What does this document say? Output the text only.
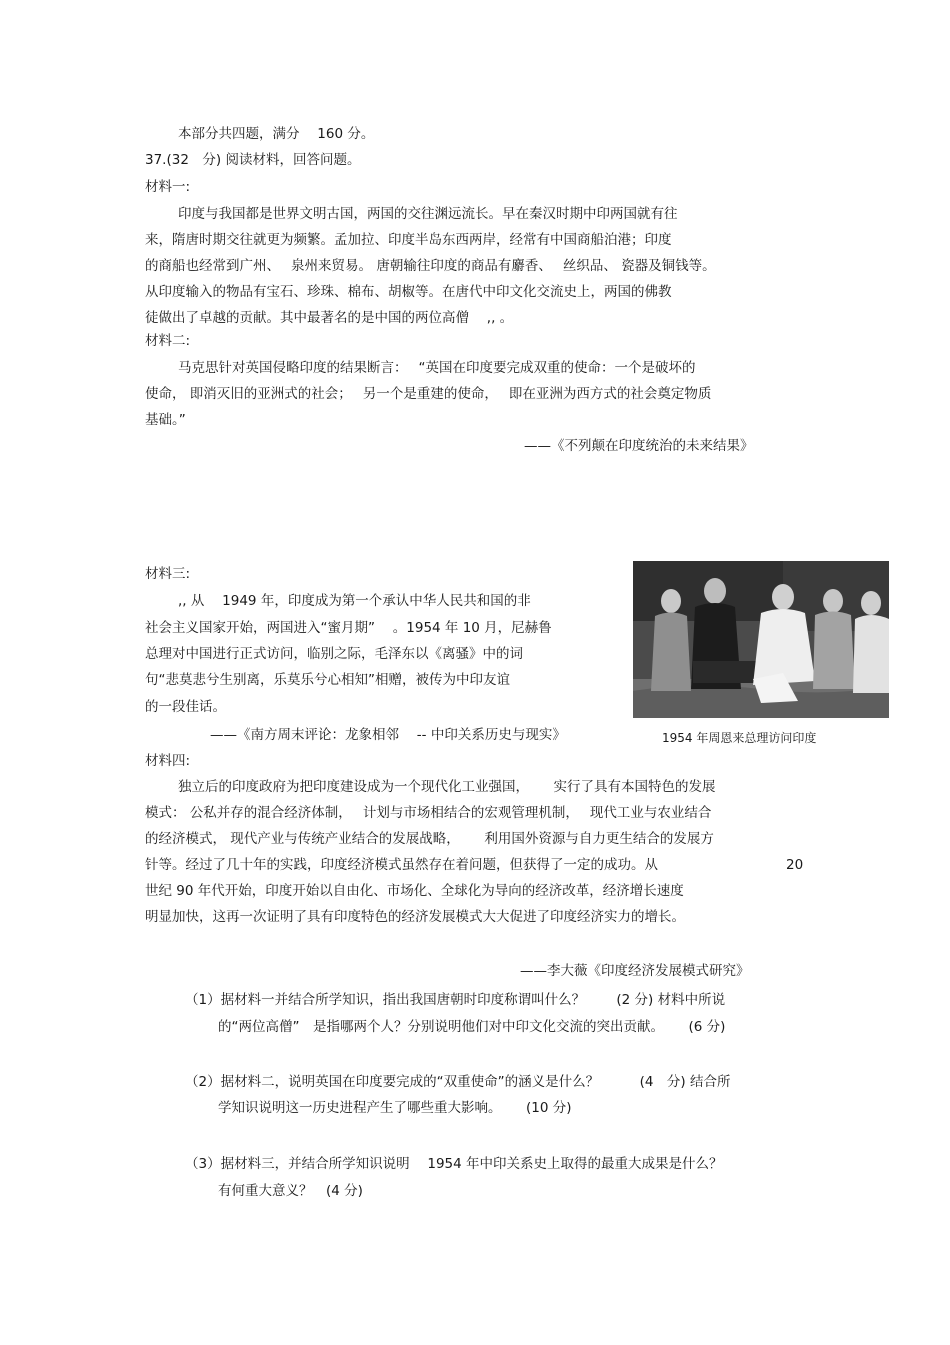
本部分共四题，满分　 160 分。
37.(32　分) 阅读材料，回答问题。
材料一:
印度与我国都是世界文明古国，两国的交往渊远流长。早在秦汉时期中印两国就有往
来，隋唐时期交往就更为频繁。孟加拉、印度半岛东西两岸，经常有中国商船泊港；印度
的商船也经常到广州、　 泉州来贸易。 唐朝输往印度的商品有麝香、　 丝织品、 瓷器及铜钱等。
从印度输入的物品有宝石、珍珠、棉布、胡椒等。在唐代中印文化交流史上，两国的佛教
徒做出了卓越的贡献。其中最著名的是中国的两位高僧　 ,, 。
材料二:
马克思针对英国侵略印度的结果断言：　 “英国在印度要完成双重的使命：一个是破坏的
使命， 即消灭旧的亚洲式的社会；　 另一个是重建的使命，　 即在亚洲为西方式的社会奠定物质
基础。”
——《不列颠在印度统治的未来结果》
材料三:
,, 从　 1949 年，印度成为第一个承认中华人民共和国的非
社会主义国家开始，两国进入“蜜月期”　 。1954 年 10 月，尼赫鲁
总理对中国进行正式访问，临别之际，毛泽东以《离骚》中的词
句“悲莫悲兮生别离，乐莫乐兮心相知”相赠，被传为中印友谊
的一段佳话。
——《南方周末评论：龙象相邻　 -- 中印关系历史与现实》	1954 年周恩来总理访问印度
材料四:
独立后的印度政府为把印度建设成为一个现代化工业强国，　　 实行了具有本国特色的发展
模式： 公私并存的混合经济体制，　 计划与市场相结合的宏观管理机制，　 现代工业与农业结合
的经济模式， 现代产业与传统产业结合的发展战略，　　 利用国外资源与自力更生结合的发展方
针等。经过了几十年的实践，印度经济模式虽然存在着问题，但获得了一定的成功。从	20
世纪 90 年代开始，印度开始以自由化、市场化、全球化为导向的经济改革，经济增长速度
明显加快，这再一次证明了具有印度特色的经济发展模式大大促进了印度经济实力的增长。
——李大薇《印度经济发展模式研究》
（1）据材料一并结合所学知识，指出我国唐朝时印度称谓叫什么？　　 (2 分) 材料中所说
的“两位高僧”　是指哪两个人？分别说明他们对中印文化交流的突出贡献。　　 (6 分)
（2）据材料二，说明英国在印度要完成的“双重使命”的涵义是什么？　　　(4　分) 结合所
学知识说明这一历史进程产生了哪些重大影响。　　 (10 分)
（3）据材料三，并结合所学知识说明　 1954 年中印关系史上取得的最重大成果是什么？
有何重大意义？　(4 分)
